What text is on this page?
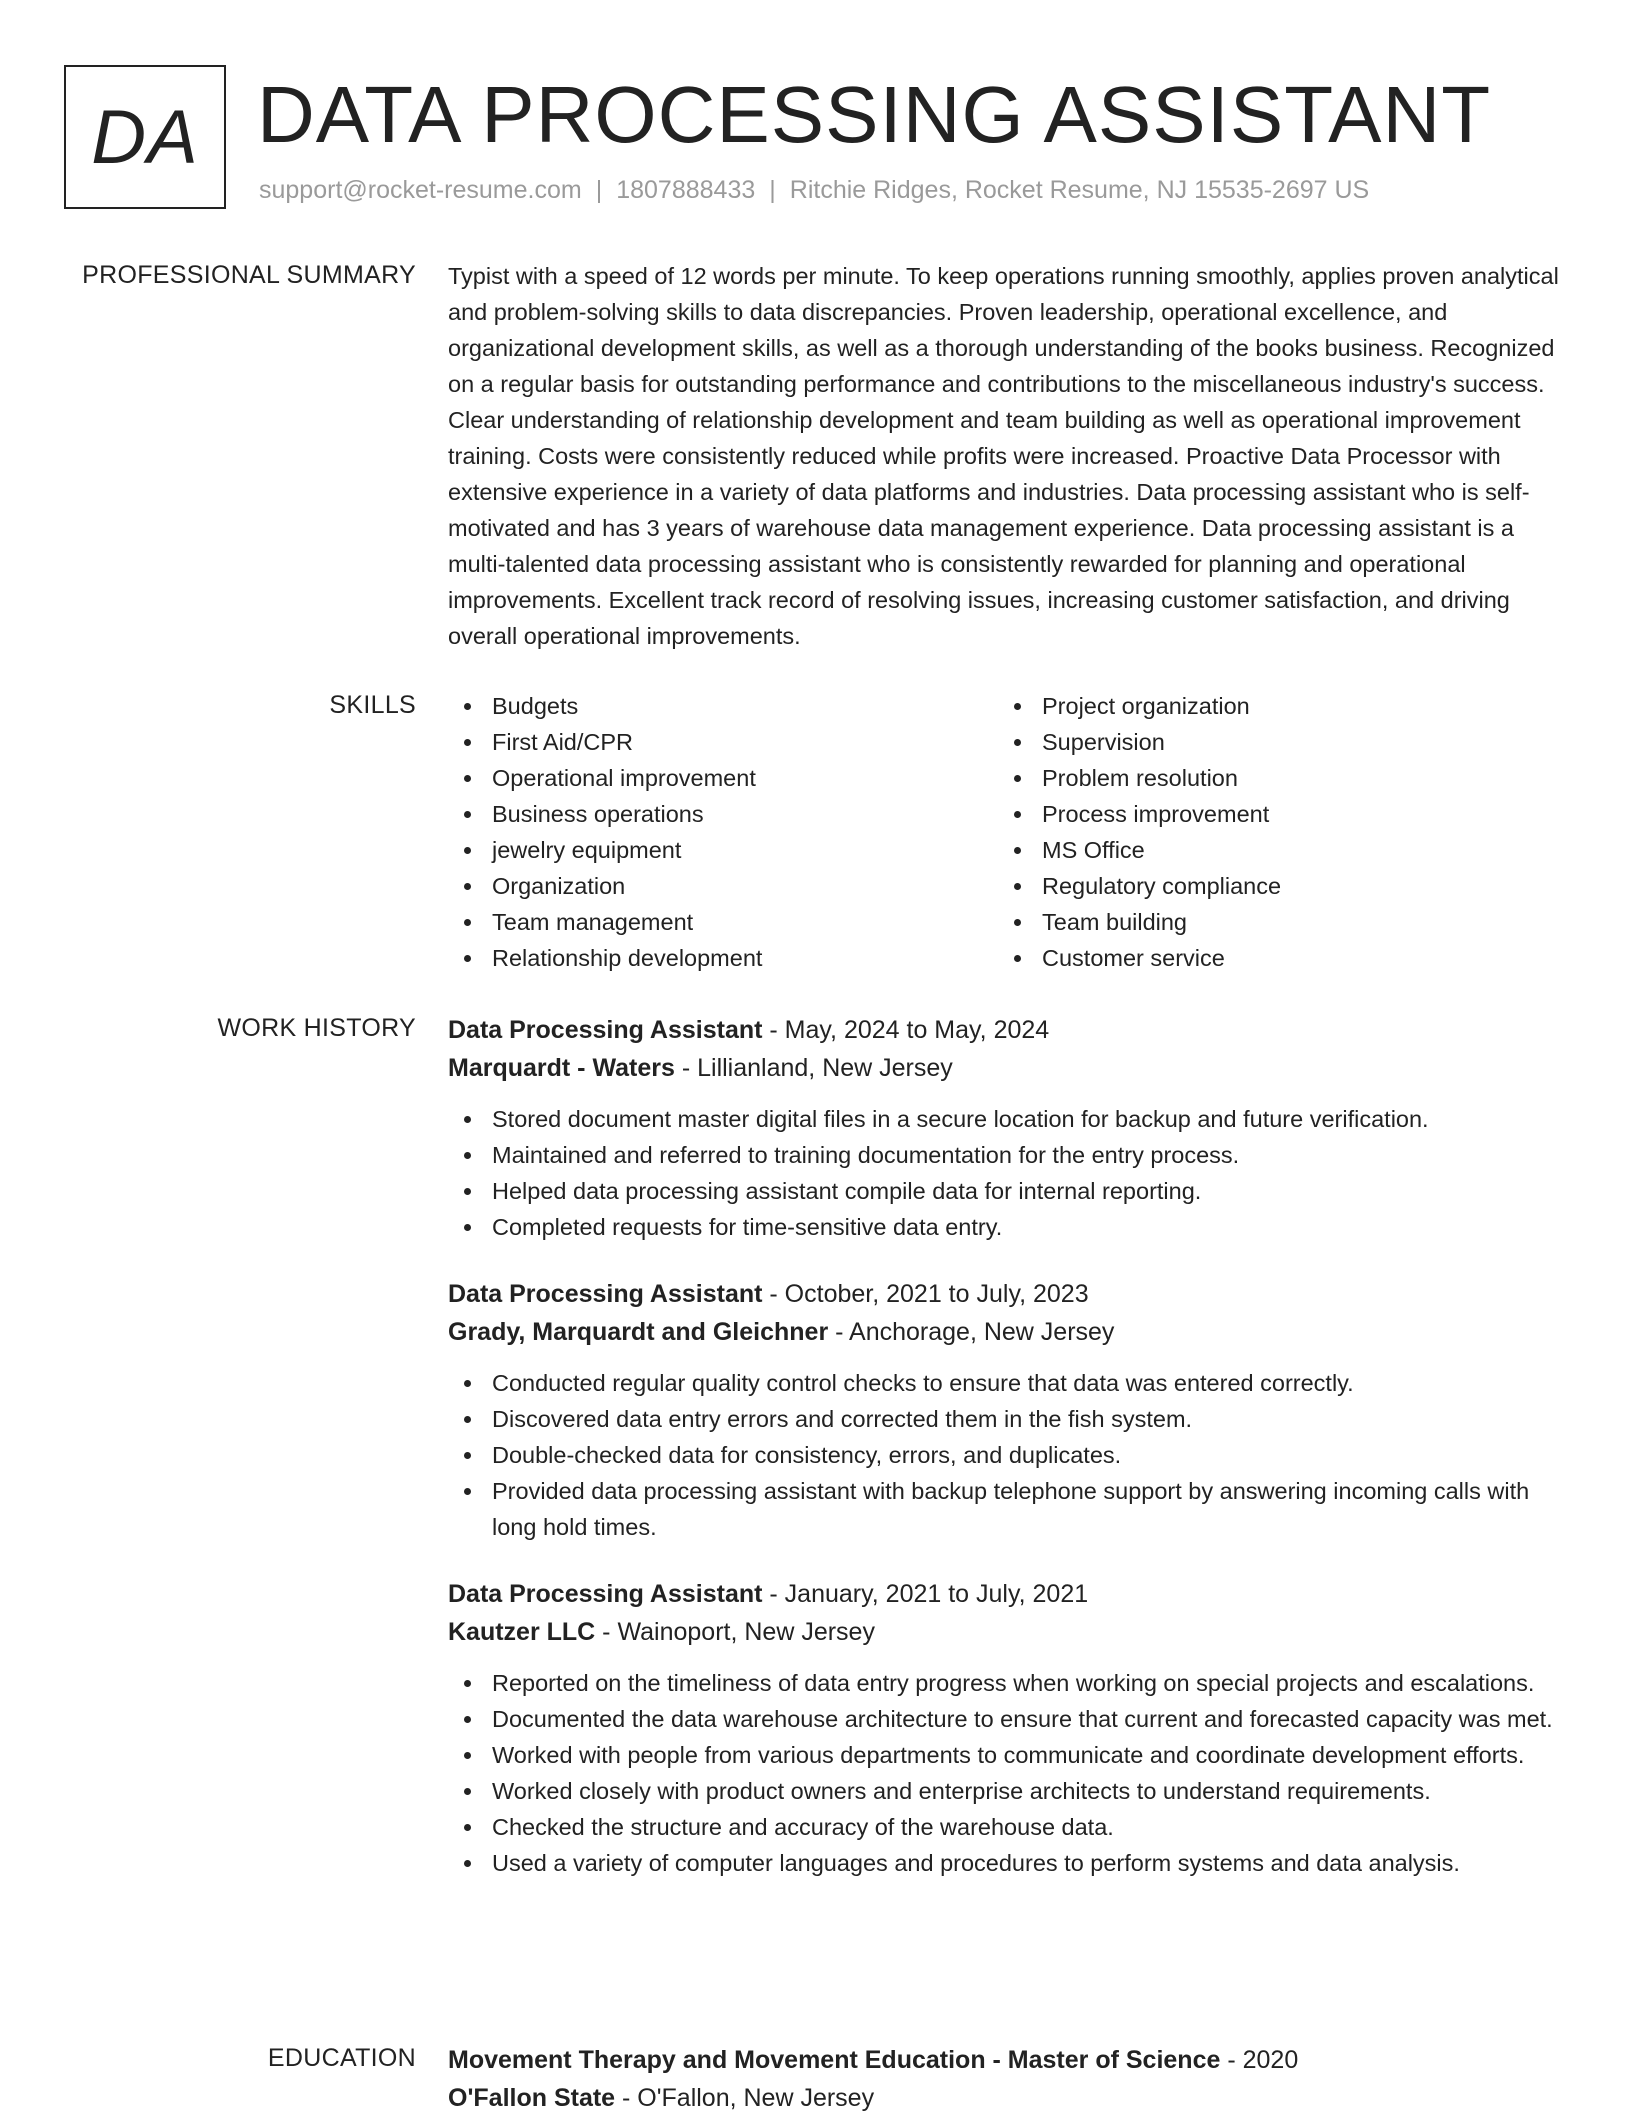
DA DATA PROCESSING ASSISTANT
support@rocket-resume.com | 1807888433 | Ritchie Ridges, Rocket Resume, NJ 15535-2697 US
PROFESSIONAL SUMMARY Typist with a speed of 12 words per minute. To keep operations running smoothly, applies proven analytical and problem-solving skills to data discrepancies. Proven leadership, operational excellence, and organizational development skills, as well as a thorough understanding of the books business. Recognized on a regular basis for outstanding performance and contributions to the miscellaneous industry's success. Clear understanding of relationship development and team building as well as operational improvement training. Costs were consistently reduced while profits were increased. Proactive Data Processor with extensive experience in a variety of data platforms and industries. Data processing assistant who is self-motivated and has 3 years of warehouse data management experience. Data processing assistant is a multi-talented data processing assistant who is consistently rewarded for planning and operational improvements. Excellent track record of resolving issues, increasing customer satisfaction, and driving overall operational improvements.
SKILLS	Budgets
First Aid/CPR
Operational improvement
Business operations
jewelry equipment
Organization
Team management
Relationship development
Project organization
Supervision
Problem resolution
Process improvement
MS Office
Regulatory compliance
Team building
Customer service
WORK HISTORY Data Processing Assistant - May, 2024 to May, 2024
Marquardt - Waters - Lillianland, New Jersey
Stored document master digital files in a secure location for backup and future verification.
Maintained and referred to training documentation for the entry process.
Helped data processing assistant compile data for internal reporting.
Completed requests for time-sensitive data entry.
Data Processing Assistant - October, 2021 to July, 2023
Grady, Marquardt and Gleichner - Anchorage, New Jersey
Conducted regular quality control checks to ensure that data was entered correctly.
Discovered data entry errors and corrected them in the fish system.
Double-checked data for consistency, errors, and duplicates.
Provided data processing assistant with backup telephone support by answering incoming calls with long hold times.
Data Processing Assistant - January, 2021 to July, 2021
Kautzer LLC - Wainoport, New Jersey
Reported on the timeliness of data entry progress when working on special projects and escalations.
Documented the data warehouse architecture to ensure that current and forecasted capacity was met.
Worked with people from various departments to communicate and coordinate development efforts.
Worked closely with product owners and enterprise architects to understand requirements.
Checked the structure and accuracy of the warehouse data.
Used a variety of computer languages and procedures to perform systems and data analysis.
EDUCATION Movement Therapy and Movement Education - Master of Science - 2020
O'Fallon State - O'Fallon, New Jersey
